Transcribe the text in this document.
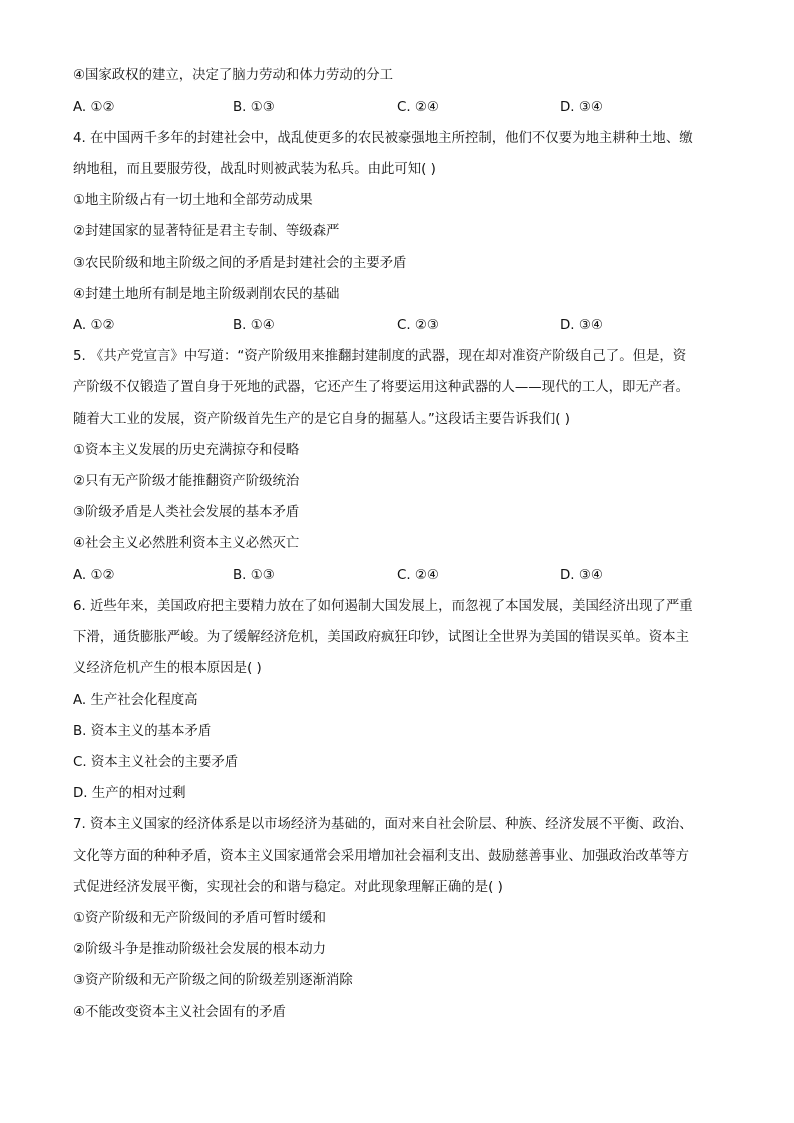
④国家政权的建立，决定了脑力劳动和体力劳动的分工
A. ①②	B. ①③	C. ②④	D. ③④
4. 在中国两千多年的封建社会中，战乱使更多的农民被豪强地主所控制，他们不仅要为地主耕种土地、缴
纳地租，而且要服劳役，战乱时则被武装为私兵。由此可知( )
①地主阶级占有一切土地和全部劳动成果
②封建国家的显著特征是君主专制、等级森严
③农民阶级和地主阶级之间的矛盾是封建社会的主要矛盾
④封建土地所有制是地主阶级剥削农民的基础
A. ①②	B. ①④	C. ②③	D. ③④
5. 《共产党宣言》中写道：“资产阶级用来推翻封建制度的武器，现在却对准资产阶级自己了。但是，资
产阶级不仅锻造了置自身于死地的武器，它还产生了将要运用这种武器的人——现代的工人，即无产者。
随着大工业的发展，资产阶级首先生产的是它自身的掘墓人。”这段话主要告诉我们( )
①资本主义发展的历史充满掠夺和侵略
②只有无产阶级才能推翻资产阶级统治
③阶级矛盾是人类社会发展的基本矛盾
④社会主义必然胜利资本主义必然灭亡
A. ①②	B. ①③	C. ②④	D. ③④
6. 近些年来，美国政府把主要精力放在了如何遏制大国发展上，而忽视了本国发展，美国经济出现了严重
下滑，通货膨胀严峻。为了缓解经济危机，美国政府疯狂印钞，试图让全世界为美国的错误买单。资本主
义经济危机产生的根本原因是( )
A. 生产社会化程度高
B. 资本主义的基本矛盾
C. 资本主义社会的主要矛盾
D. 生产的相对过剩
7. 资本主义国家的经济体系是以市场经济为基础的，面对来自社会阶层、种族、经济发展不平衡、政治、
文化等方面的种种矛盾，资本主义国家通常会采用增加社会福利支出、鼓励慈善事业、加强政治改革等方
式促进经济发展平衡，实现社会的和谐与稳定。对此现象理解正确的是( )
①资产阶级和无产阶级间的矛盾可暂时缓和
②阶级斗争是推动阶级社会发展的根本动力
③资产阶级和无产阶级之间的阶级差别逐渐消除
④不能改变资本主义社会固有的矛盾
